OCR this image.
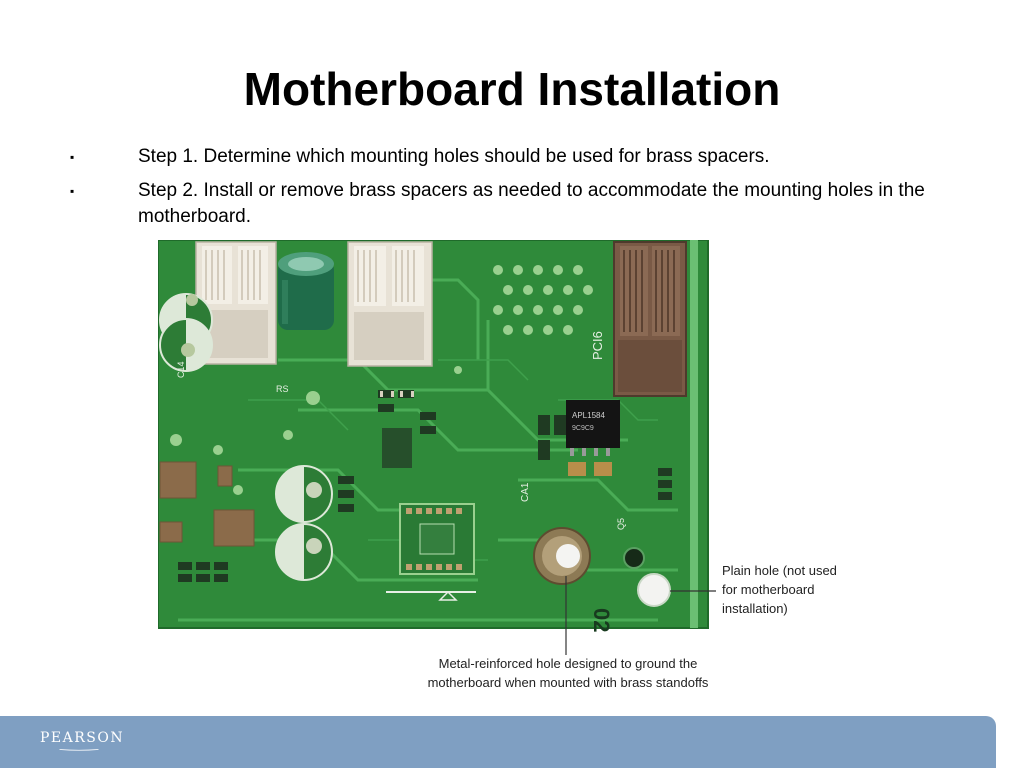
Motherboard Installation
▪	Step 1. Determine which mounting holes should be used for brass spacers.
▪	Step 2. Install or remove brass spacers as needed to accommodate the mounting holes in the motherboard.
APL1584
9C9C9
PCI6
02
C14
RS
CA1
Q5
Plain hole (not used
for motherboard
installation)
Metal-reinforced hole designed to ground the
motherboard when mounted with brass standoffs
PEARSON
